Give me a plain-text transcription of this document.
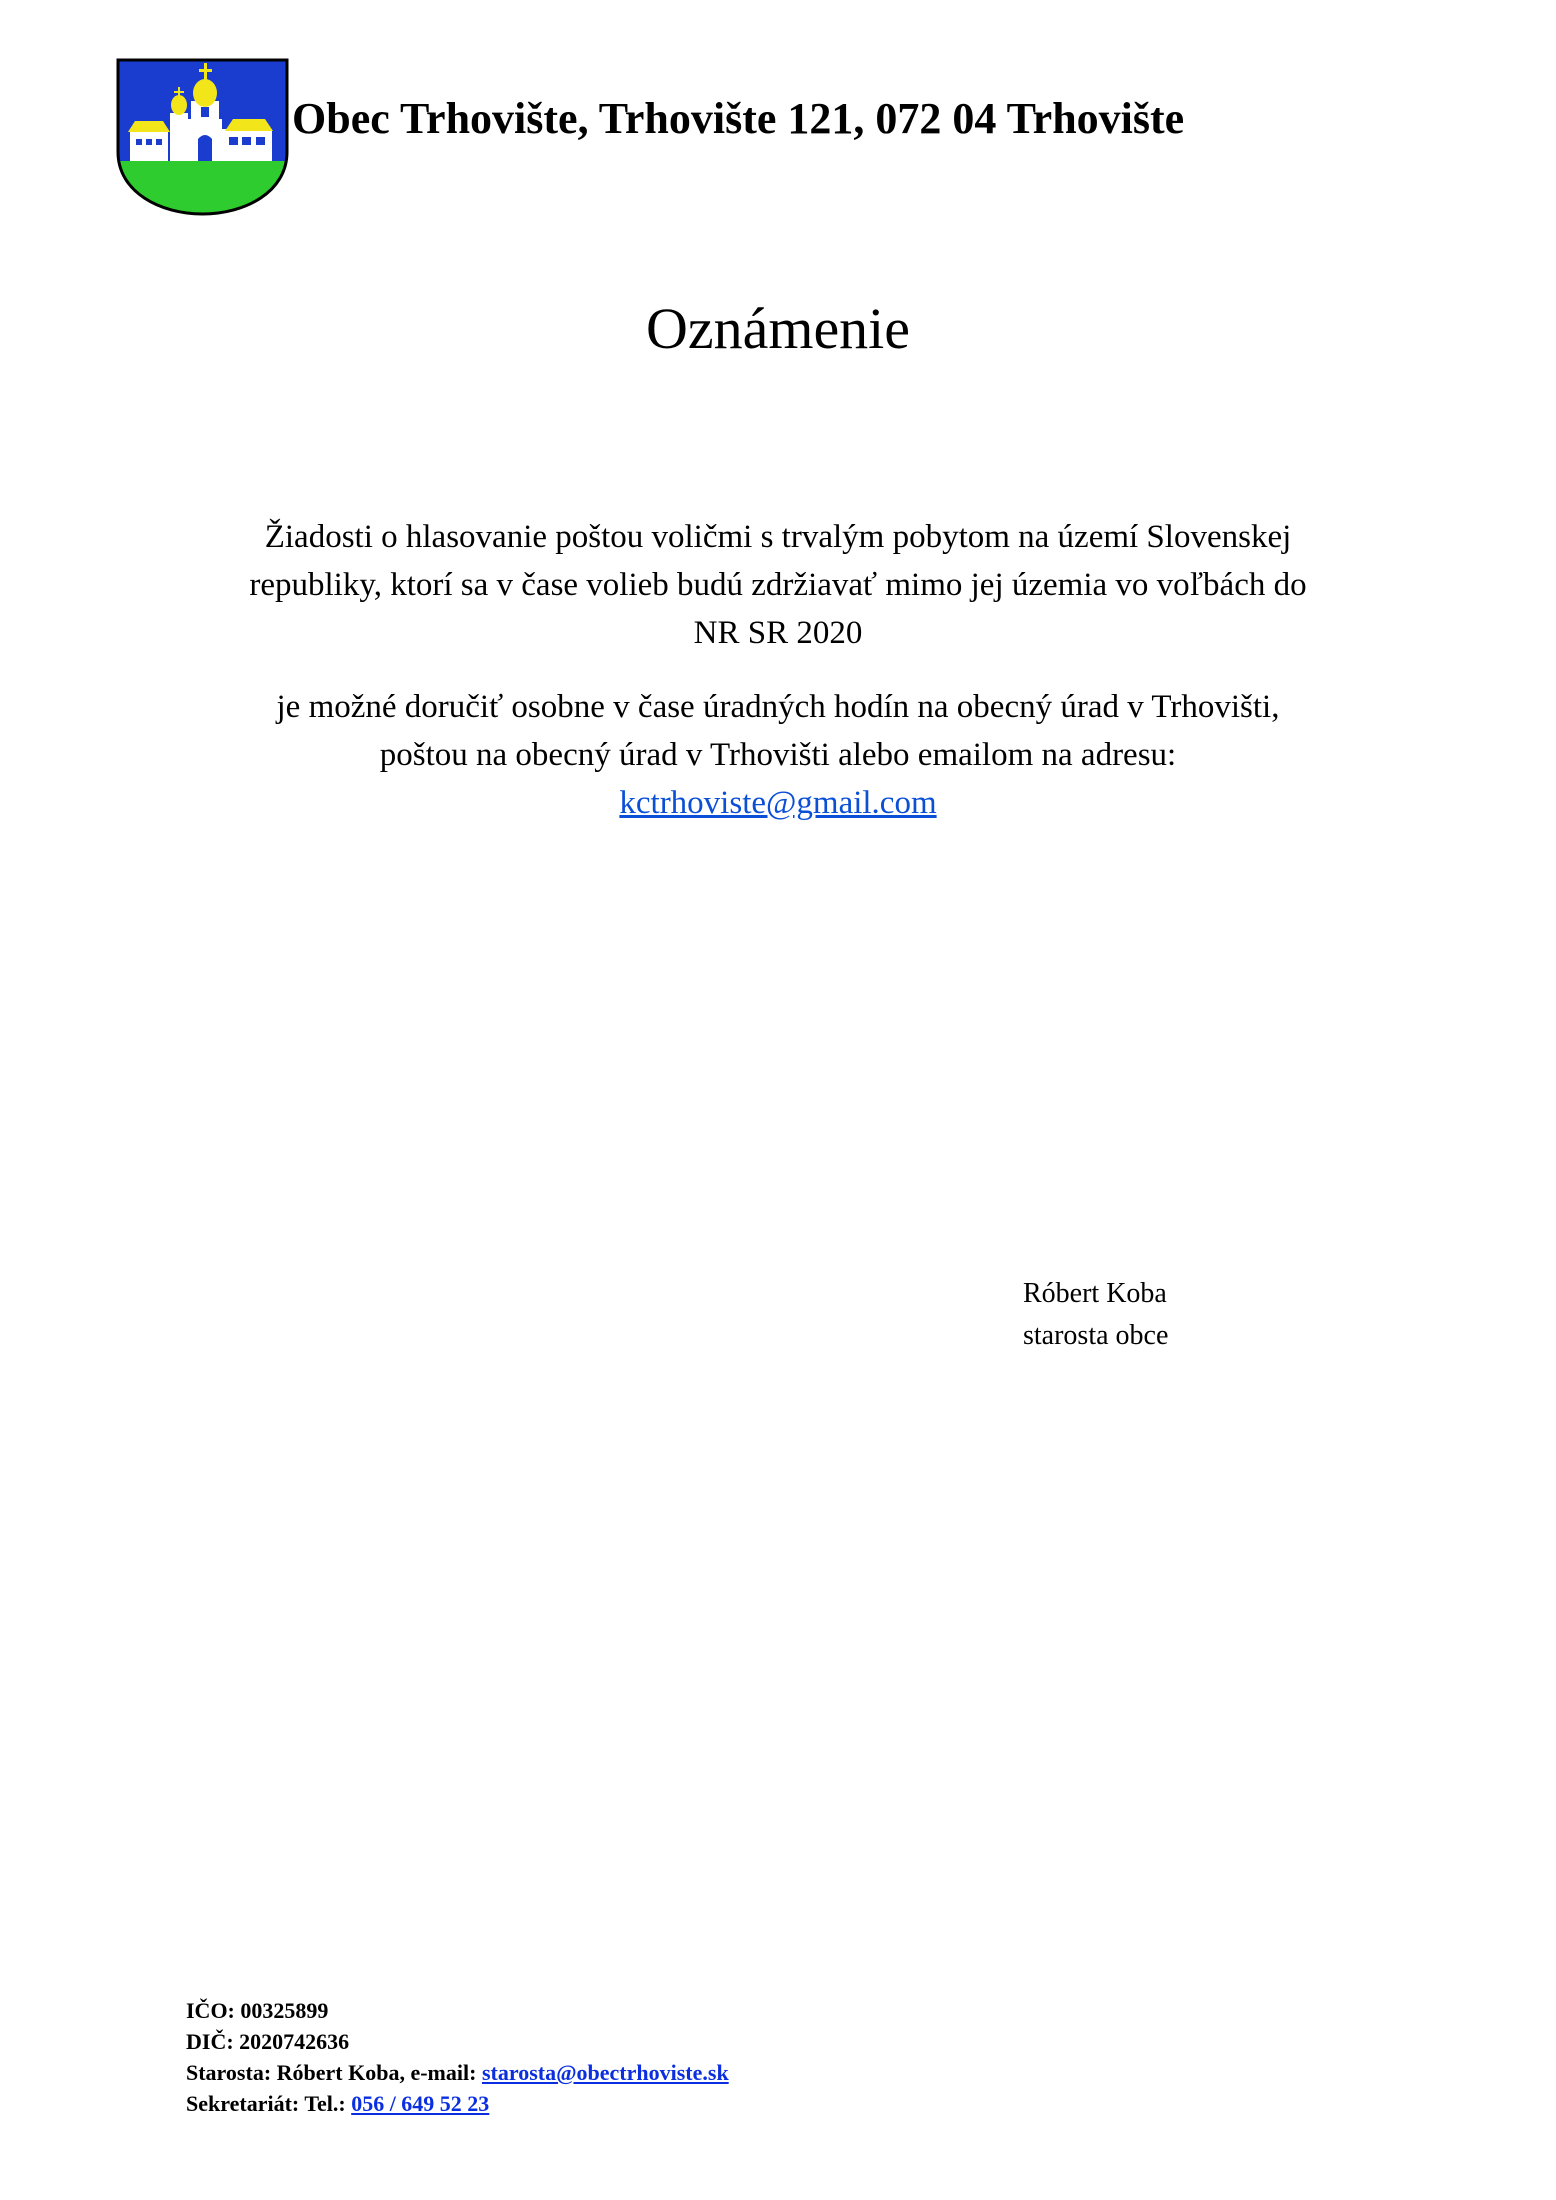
Obec Trhovište, Trhovište 121, 072 04 Trhovište
Oznámenie
Žiadosti o hlasovanie poštou voličmi s trvalým pobytom na území Slovenskej
republiky, ktorí sa v čase volieb budú zdržiavať mimo jej územia vo voľbách do
NR SR 2020
je možné doručiť osobne v čase úradných hodín na obecný úrad v Trhovišti,
poštou na obecný úrad v Trhovišti alebo emailom na adresu:
kctrhoviste@gmail.com
Róbert Koba
starosta obce
IČO: 00325899
DIČ: 2020742636
Starosta: Róbert Koba, e-mail: starosta@obectrhoviste.sk
Sekretariát: Tel.: 056 / 649 52 23
